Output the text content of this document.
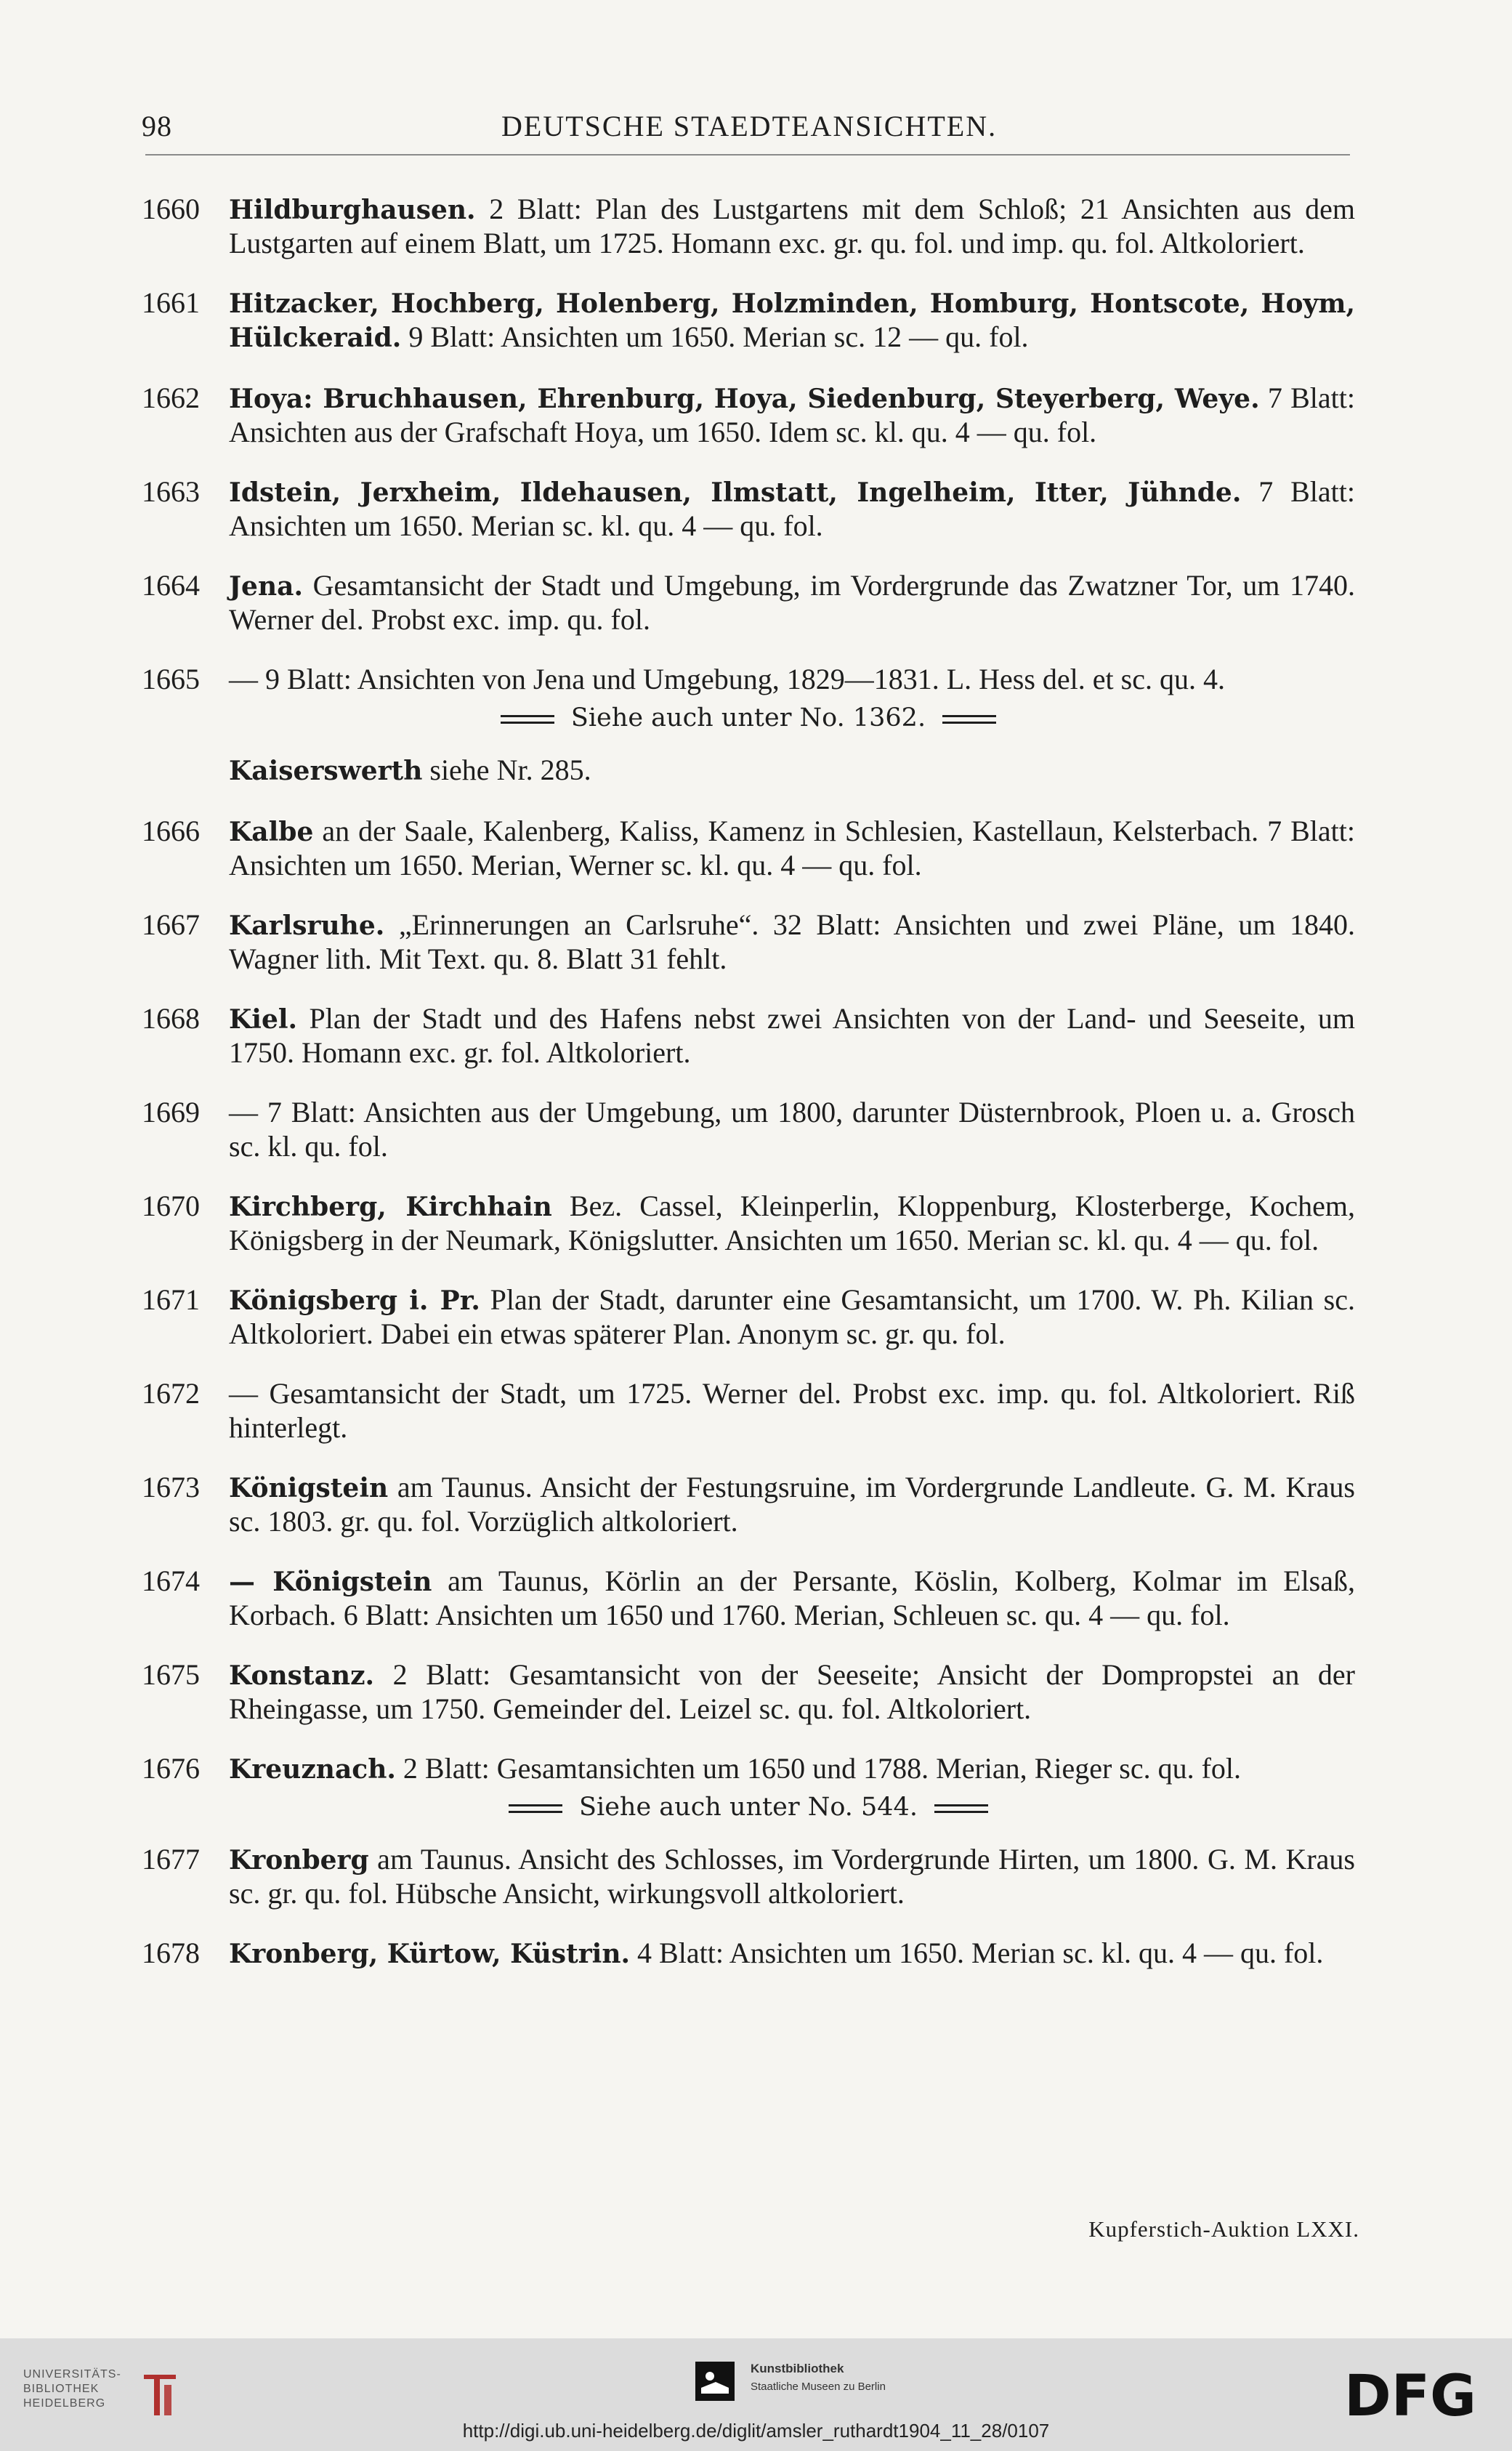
98	DEUTSCHE STAEDTEANSICHTEN.
1660 Hildburghausen. 2 Blatt: Plan des Lustgartens mit dem Schloß; 21 Ansichten aus dem Lustgarten auf einem Blatt, um 1725. Homann exc. gr. qu. fol. und imp. qu. fol. Altkoloriert.
1661 Hitzacker, Hochberg, Holenberg, Holzminden, Homburg, Hontscote, Hoym, Hülckeraid. 9 Blatt: Ansichten um 1650. Merian sc. 12 — qu. fol.
1662 Hoya: Bruchhausen, Ehrenburg, Hoya, Siedenburg, Steyerberg, Weye. 7 Blatt: Ansichten aus der Grafschaft Hoya, um 1650. Idem sc. kl. qu. 4 — qu. fol.
1663 Idstein, Jerxheim, Ildehausen, Ilmstatt, Ingelheim, Itter, Jühnde. 7 Blatt: Ansichten um 1650. Merian sc. kl. qu. 4 — qu. fol.
1664 Jena. Gesamtansicht der Stadt und Umgebung, im Vordergrunde das Zwatzner Tor, um 1740. Werner del. Probst exc. imp. qu. fol.
1665 — 9 Blatt: Ansichten von Jena und Umgebung, 1829—1831. L. Hess del. et sc. qu. 4.
Siehe auch unter No. 1362.
Kaiserswerth siehe Nr. 285.
1666 Kalbe an der Saale, Kalenberg, Kaliss, Kamenz in Schlesien, Kastellaun, Kelsterbach. 7 Blatt: Ansichten um 1650. Merian, Werner sc. kl. qu. 4 — qu. fol.
1667 Karlsruhe. „Erinnerungen an Carlsruhe“. 32 Blatt: Ansichten und zwei Pläne, um 1840. Wagner lith. Mit Text. qu. 8. Blatt 31 fehlt.
1668 Kiel. Plan der Stadt und des Hafens nebst zwei Ansichten von der Land- und Seeseite, um 1750. Homann exc. gr. fol. Altkoloriert.
1669 — 7 Blatt: Ansichten aus der Umgebung, um 1800, darunter Düsternbrook, Ploen u. a. Grosch sc. kl. qu. fol.
1670 Kirchberg, Kirchhain Bez. Cassel, Kleinperlin, Kloppenburg, Klosterberge, Kochem, Königsberg in der Neumark, Königslutter. Ansichten um 1650. Merian sc. kl. qu. 4 — qu. fol.
1671 Königsberg i. Pr. Plan der Stadt, darunter eine Gesamtansicht, um 1700. W. Ph. Kilian sc. Altkoloriert. Dabei ein etwas späterer Plan. Anonym sc. gr. qu. fol.
1672 — Gesamtansicht der Stadt, um 1725. Werner del. Probst exc. imp. qu. fol. Altkoloriert. Riß hinterlegt.
1673 Königstein am Taunus. Ansicht der Festungsruine, im Vordergrunde Landleute. G. M. Kraus sc. 1803. gr. qu. fol. Vorzüglich altkoloriert.
1674 — Königstein am Taunus, Körlin an der Persante, Köslin, Kolberg, Kolmar im Elsaß, Korbach. 6 Blatt: Ansichten um 1650 und 1760. Merian, Schleuen sc. qu. 4 — qu. fol.
1675 Konstanz. 2 Blatt: Gesamtansicht von der Seeseite; Ansicht der Dompropstei an der Rheingasse, um 1750. Gemeinder del. Leizel sc. qu. fol. Altkoloriert.
1676 Kreuznach. 2 Blatt: Gesamtansichten um 1650 und 1788. Merian, Rieger sc. qu. fol.
Siehe auch unter No. 544.
1677 Kronberg am Taunus. Ansicht des Schlosses, im Vordergrunde Hirten, um 1800. G. M. Kraus sc. gr. qu. fol. Hübsche Ansicht, wirkungsvoll altkoloriert.
1678 Kronberg, Kürtow, Küstrin. 4 Blatt: Ansichten um 1650. Merian sc. kl. qu. 4 — qu. fol.
Kupferstich-Auktion LXXI.
UNIVERSITÄTS-
BIBLIOTHEK
HEIDELBERG
Kunstbibliothek
Staatliche Museen zu Berlin	DFG
http://digi.ub.uni-heidelberg.de/diglit/amsler_ruthardt1904_11_28/0107
